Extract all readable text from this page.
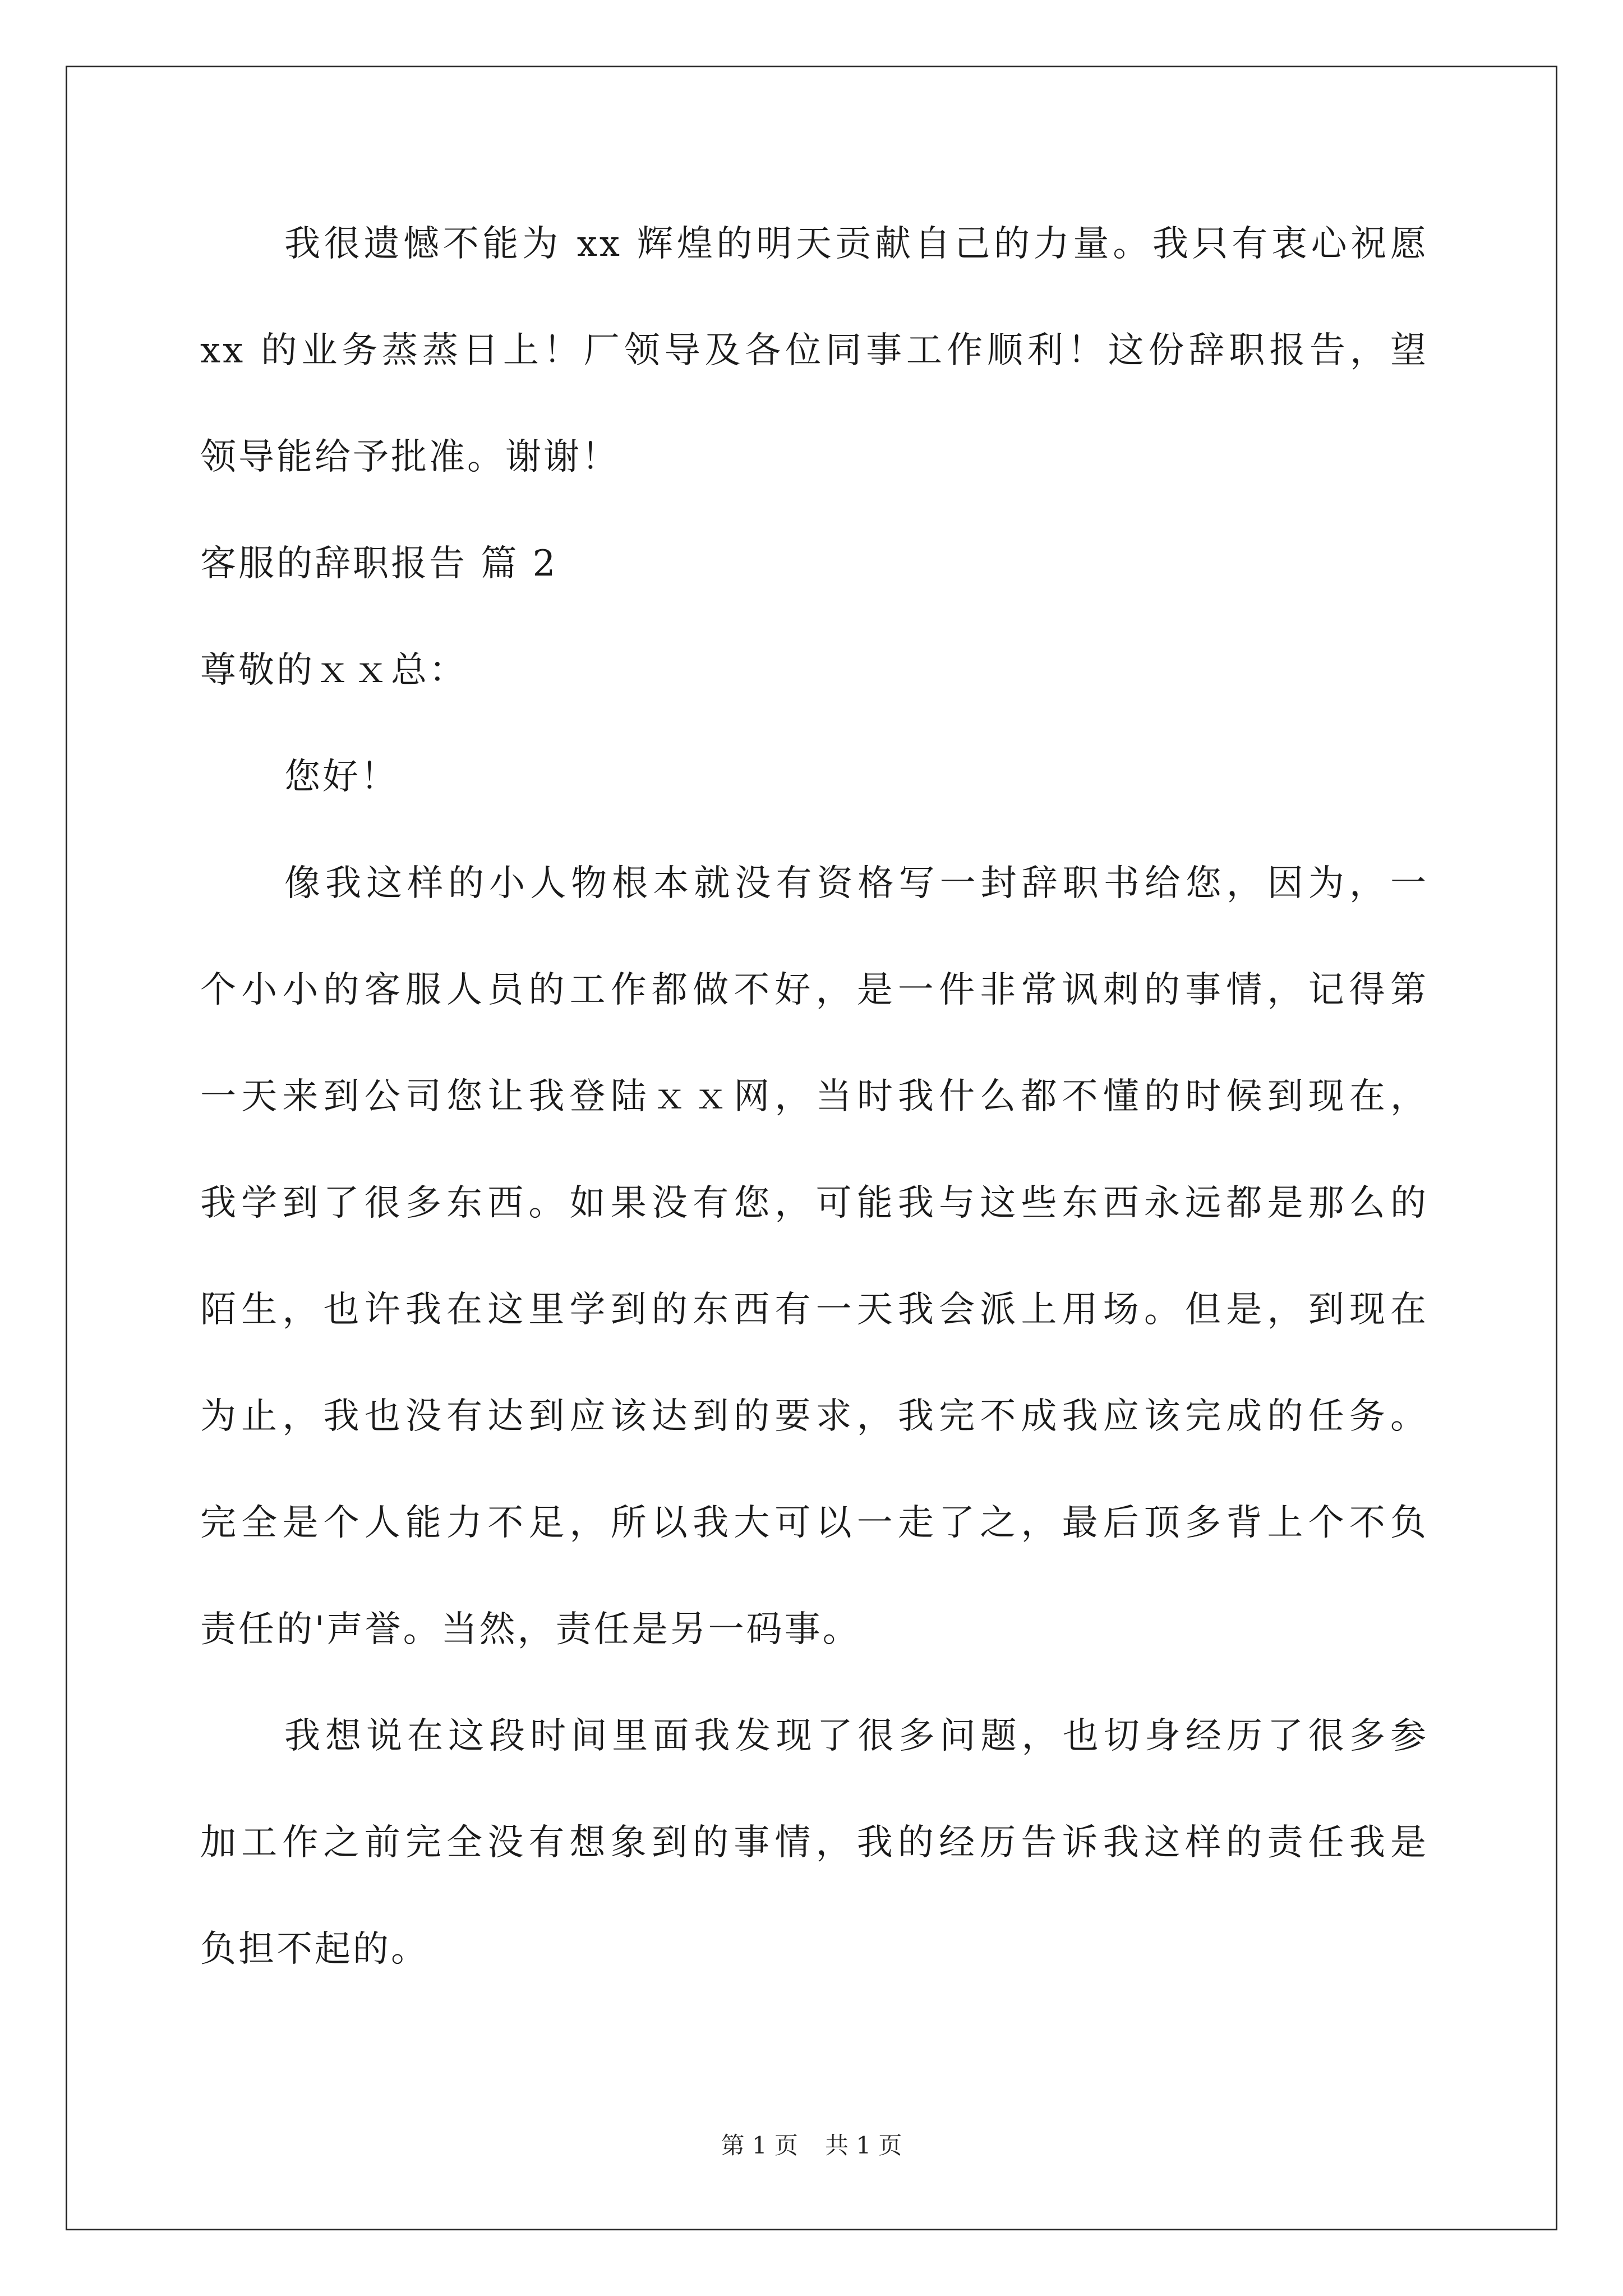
我很遗憾不能为 xx 辉煌的明天贡献自己的力量。我只有衷心祝愿
xx 的业务蒸蒸日上！厂领导及各位同事工作顺利！这份辞职报告，望
领导能给予批准。谢谢！
客服的辞职报告 篇 2
尊敬的ｘｘ总：
您好！
像我这样的小人物根本就没有资格写一封辞职书给您，因为，一
个小小的客服人员的工作都做不好，是一件非常讽刺的事情，记得第
一天来到公司您让我登陆ｘｘ网，当时我什么都不懂的时候到现在，
我学到了很多东西。如果没有您，可能我与这些东西永远都是那么的
陌生，也许我在这里学到的东西有一天我会派上用场。但是，到现在
为止，我也没有达到应该达到的要求，我完不成我应该完成的任务。
完全是个人能力不足，所以我大可以一走了之，最后顶多背上个不负
责任的'声誉。当然，责任是另一码事。
我想说在这段时间里面我发现了很多问题，也切身经历了很多参
加工作之前完全没有想象到的事情，我的经历告诉我这样的责任我是
负担不起的。
第 1 页 共 1 页
